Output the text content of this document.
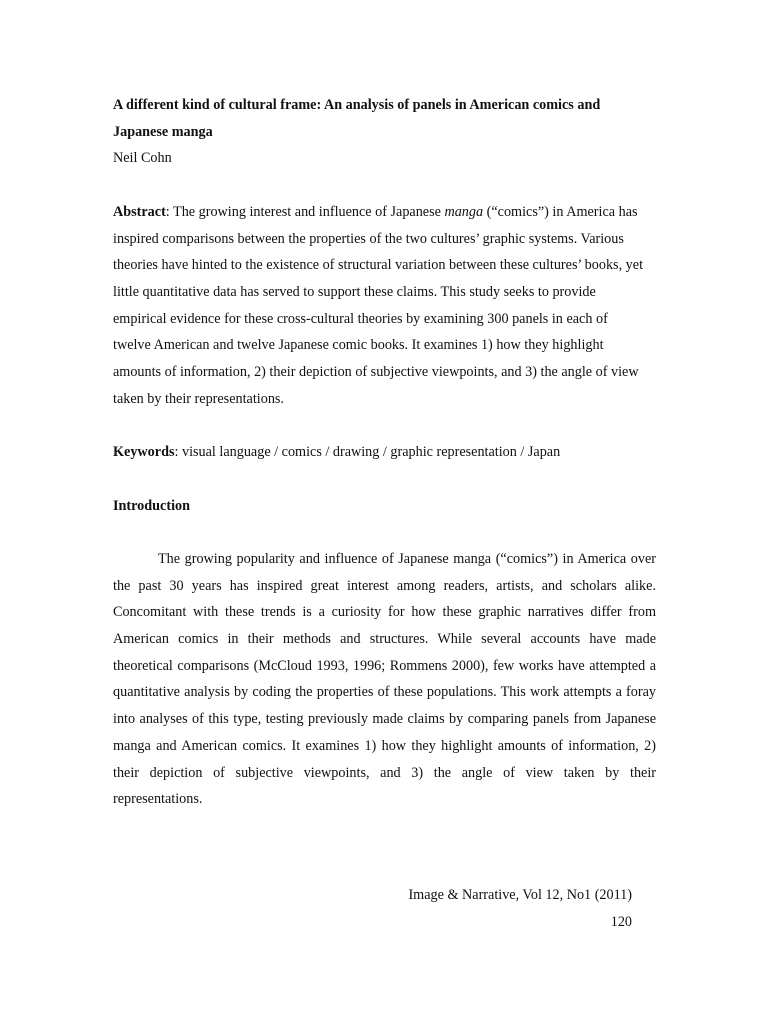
A different kind of cultural frame: An analysis of panels in American comics and Japanese manga

Neil Cohn

Abstract: The growing interest and influence of Japanese manga (“comics”) in America has inspired comparisons between the properties of the two cultures’ graphic systems. Various theories have hinted to the existence of structural variation between these cultures’ books, yet little quantitative data has served to support these claims. This study seeks to provide empirical evidence for these cross-cultural theories by examining 300 panels in each of twelve American and twelve Japanese comic books. It examines 1) how they highlight amounts of information, 2) their depiction of subjective viewpoints, and 3) the angle of view taken by their representations.

Keywords: visual language / comics / drawing / graphic representation / Japan

Introduction

The growing popularity and influence of Japanese manga (“comics”) in America over the past 30 years has inspired great interest among readers, artists, and scholars alike. Concomitant with these trends is a curiosity for how these graphic narratives differ from American comics in their methods and structures. While several accounts have made theoretical comparisons (McCloud 1993, 1996; Rommens 2000), few works have attempted a quantitative analysis by coding the properties of these populations. This work attempts a foray into analyses of this type, testing previously made claims by comparing panels from Japanese manga and American comics. It examines 1) how they highlight amounts of information, 2) their depiction of subjective viewpoints, and 3) the angle of view taken by their representations.

Image & Narrative, Vol 12, No1 (2011)
120
